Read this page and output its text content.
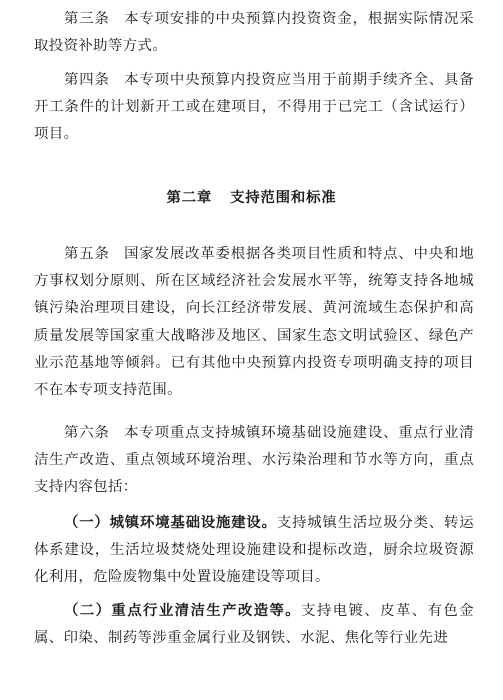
第三条 本专项安排的中央预算内投资资金，根据实际情况采取投资补助等方式。

第四条 本专项中央预算内投资应当用于前期手续齐全、具备开工条件的计划新开工或在建项目，不得用于已完工（含试运行）项目。

第二章 支持范围和标准

第五条 国家发展改革委根据各类项目性质和特点、中央和地方事权划分原则、所在区域经济社会发展水平等，统筹支持各地城镇污染治理项目建设，向长江经济带发展、黄河流域生态保护和高质量发展等国家重大战略涉及地区、国家生态文明试验区、绿色产业示范基地等倾斜。已有其他中央预算内投资专项明确支持的项目不在本专项支持范围。

第六条 本专项重点支持城镇环境基础设施建设、重点行业清洁生产改造、重点领域环境治理、水污染治理和节水等方向，重点支持内容包括：

（一）城镇环境基础设施建设。支持城镇生活垃圾分类、转运体系建设，生活垃圾焚烧处理设施建设和提标改造，厨余垃圾资源化利用，危险废物集中处置设施建设等项目。

（二）重点行业清洁生产改造等。支持电镀、皮革、有色金属、印染、制药等涉重金属行业及钢铁、水泥、焦化等行业先进
